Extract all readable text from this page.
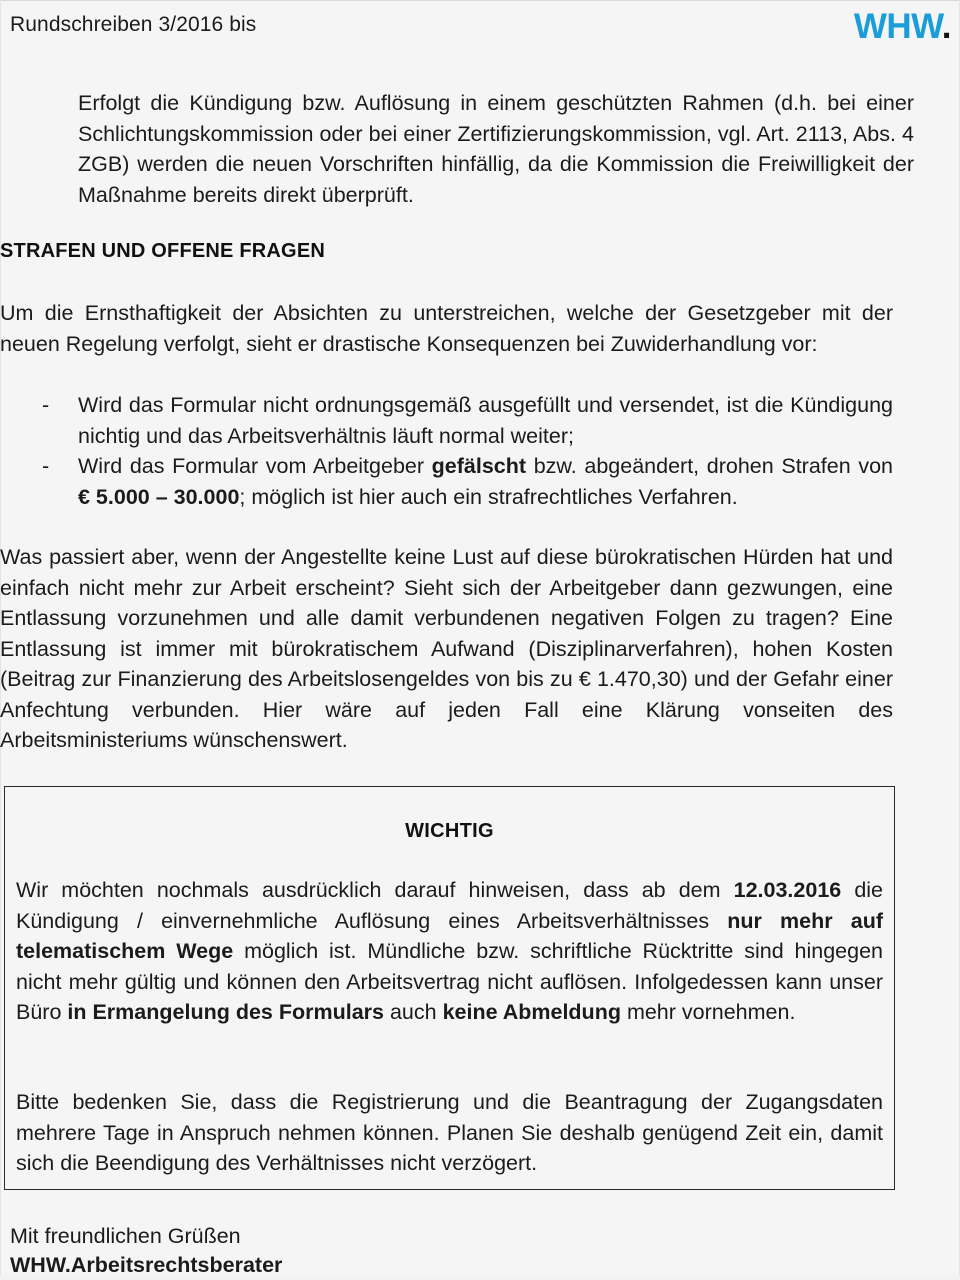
Rundschreiben 3/2016 bis	WHW.
Erfolgt die Kündigung bzw. Auflösung in einem geschützten Rahmen (d.h. bei einer Schlichtungskommission oder bei einer Zertifizierungskommission, vgl. Art. 2113, Abs. 4 ZGB) werden die neuen Vorschriften hinfällig, da die Kommission die Freiwilligkeit der Maßnahme bereits direkt überprüft.
STRAFEN UND OFFENE FRAGEN
Um die Ernsthaftigkeit der Absichten zu unterstreichen, welche der Gesetzgeber mit der neuen Regelung verfolgt, sieht er drastische Konsequenzen bei Zuwiderhandlung vor:
- Wird das Formular nicht ordnungsgemäß ausgefüllt und versendet, ist die Kündigung nichtig und das Arbeitsverhältnis läuft normal weiter;
- Wird das Formular vom Arbeitgeber gefälscht bzw. abgeändert, drohen Strafen von € 5.000 – 30.000; möglich ist hier auch ein strafrechtliches Verfahren.
Was passiert aber, wenn der Angestellte keine Lust auf diese bürokratischen Hürden hat und einfach nicht mehr zur Arbeit erscheint? Sieht sich der Arbeitgeber dann gezwungen, eine Entlassung vorzunehmen und alle damit verbundenen negativen Folgen zu tragen? Eine Entlassung ist immer mit bürokratischem Aufwand (Disziplinarverfahren), hohen Kosten (Beitrag zur Finanzierung des Arbeitslosengeldes von bis zu € 1.470,30) und der Gefahr einer Anfechtung verbunden. Hier wäre auf jeden Fall eine Klärung vonseiten des Arbeitsministeriums wünschenswert.
WICHTIG
Wir möchten nochmals ausdrücklich darauf hinweisen, dass ab dem 12.03.2016 die Kündigung / einvernehmliche Auflösung eines Arbeitsverhältnisses nur mehr auf telematischem Wege möglich ist. Mündliche bzw. schriftliche Rücktritte sind hingegen nicht mehr gültig und können den Arbeitsvertrag nicht auflösen. Infolgedessen kann unser Büro in Ermangelung des Formulars auch keine Abmeldung mehr vornehmen.
Bitte bedenken Sie, dass die Registrierung und die Beantragung der Zugangsdaten mehrere Tage in Anspruch nehmen können. Planen Sie deshalb genügend Zeit ein, damit sich die Beendigung des Verhältnisses nicht verzögert.
Mit freundlichen Grüßen
WHW.Arbeitsrechtsberater
